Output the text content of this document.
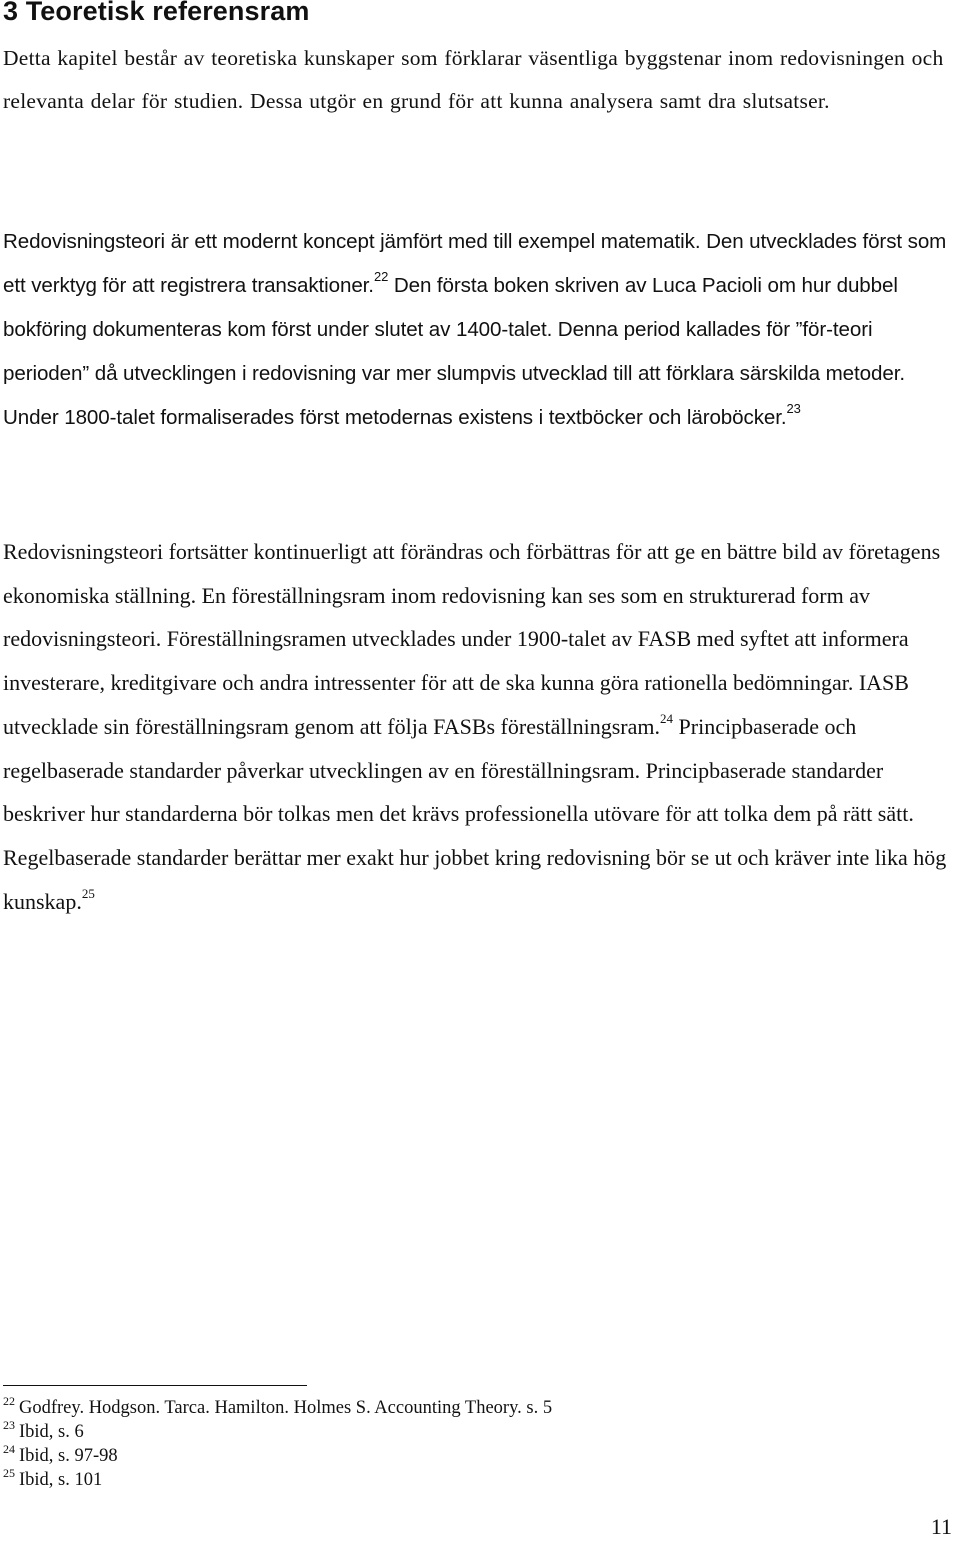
3 Teoretisk referensram

Detta kapitel består av teoretiska kunskaper som förklarar väsentliga byggstenar inom redovisningen och relevanta delar för studien. Dessa utgör en grund för att kunna analysera samt dra slutsatser.

Redovisningsteori är ett modernt koncept jämfört med till exempel matematik. Den utvecklades först som ett verktyg för att registrera transaktioner.$^{22}$ Den första boken skriven av Luca Pacioli om hur dubbel bokföring dokumenteras kom först under slutet av 1400-talet. Denna period kallades för ”för-teori perioden” då utvecklingen i redovisning var mer slumpvis utvecklad till att förklara särskilda metoder. Under 1800-talet formaliserades först metodernas existens i textböcker och läroböcker.$^{23}$

Redovisningsteori fortsätter kontinuerligt att förändras och förbättras för att ge en bättre bild av företagens ekonomiska ställning. En föreställningsram inom redovisning kan ses som en strukturerad form av redovisningsteori. Föreställningsramen utvecklades under 1900-talet av FASB med syftet att informera investerare, kreditgivare och andra intressenter för att de ska kunna göra rationella bedömningar. IASB utvecklade sin föreställningsram genom att följa FASBs föreställningsram.$^{24}$ Principbaserade och regelbaserade standarder påverkar utvecklingen av en föreställningsram. Principbaserade standarder beskriver hur standarderna bör tolkas men det krävs professionella utövare för att tolka dem på rätt sätt. Regelbaserade standarder berättar mer exakt hur jobbet kring redovisning bör se ut och kräver inte lika hög kunskap.$^{25}$

$^{22}$ Godfrey. Hodgson. Tarca. Hamilton. Holmes S. Accounting Theory. s. 5
$^{23}$ Ibid, s. 6
$^{24}$ Ibid, s. 97-98
$^{25}$ Ibid, s. 101
11
